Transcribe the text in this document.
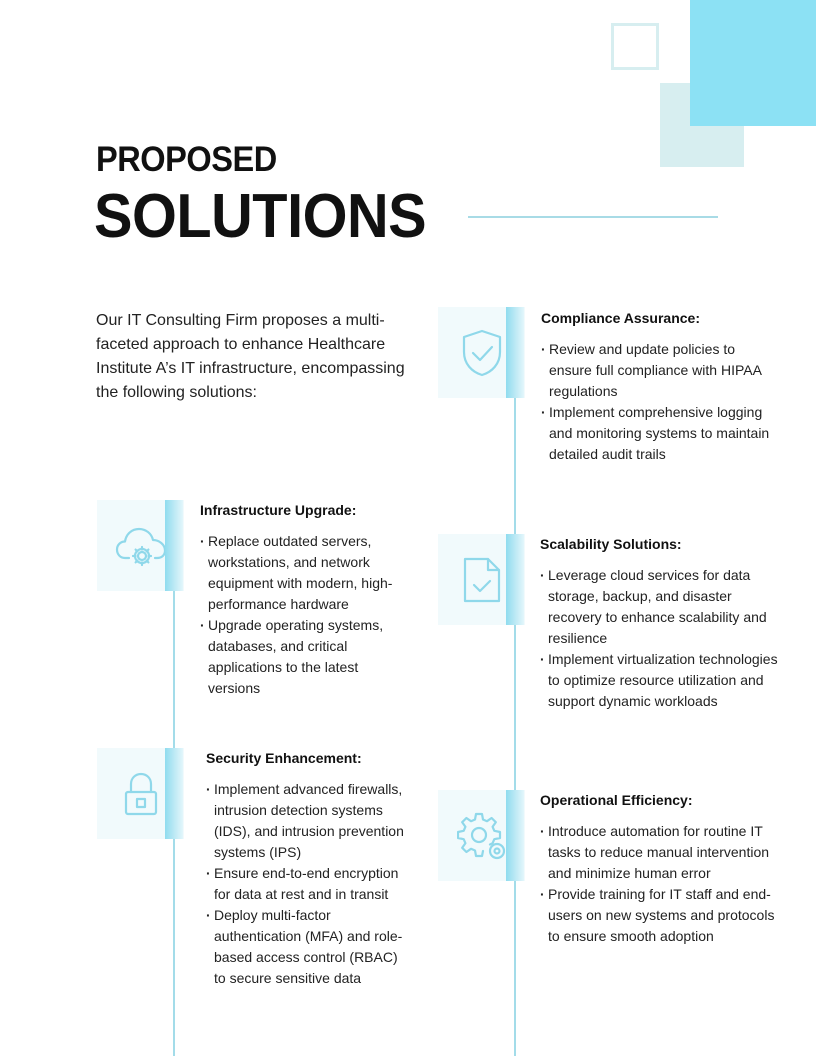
PROPOSED
SOLUTIONS

Our IT Consulting Firm proposes a multi-faceted approach to enhance Healthcare Institute A’s IT infrastructure, encompassing the following solutions:

Compliance Assurance:
· Review and update policies to ensure full compliance with HIPAA regulations
· Implement comprehensive logging and monitoring systems to maintain detailed audit trails
Infrastructure Upgrade:
· Replace outdated servers, workstations, and network equipment with modern, high-performance hardware
· Upgrade operating systems, databases, and critical applications to the latest versions
Scalability Solutions:
· Leverage cloud services for data storage, backup, and disaster recovery to enhance scalability and resilience
· Implement virtualization technologies to optimize resource utilization and support dynamic workloads
Security Enhancement:
· Implement advanced firewalls, intrusion detection systems (IDS), and intrusion prevention systems (IPS)
· Ensure end-to-end encryption for data at rest and in transit
· Deploy multi-factor authentication (MFA) and role-based access control (RBAC) to secure sensitive data
Operational Efficiency:
· Introduce automation for routine IT tasks to reduce manual intervention and minimize human error
· Provide training for IT staff and end-users on new systems and protocols to ensure smooth adoption
